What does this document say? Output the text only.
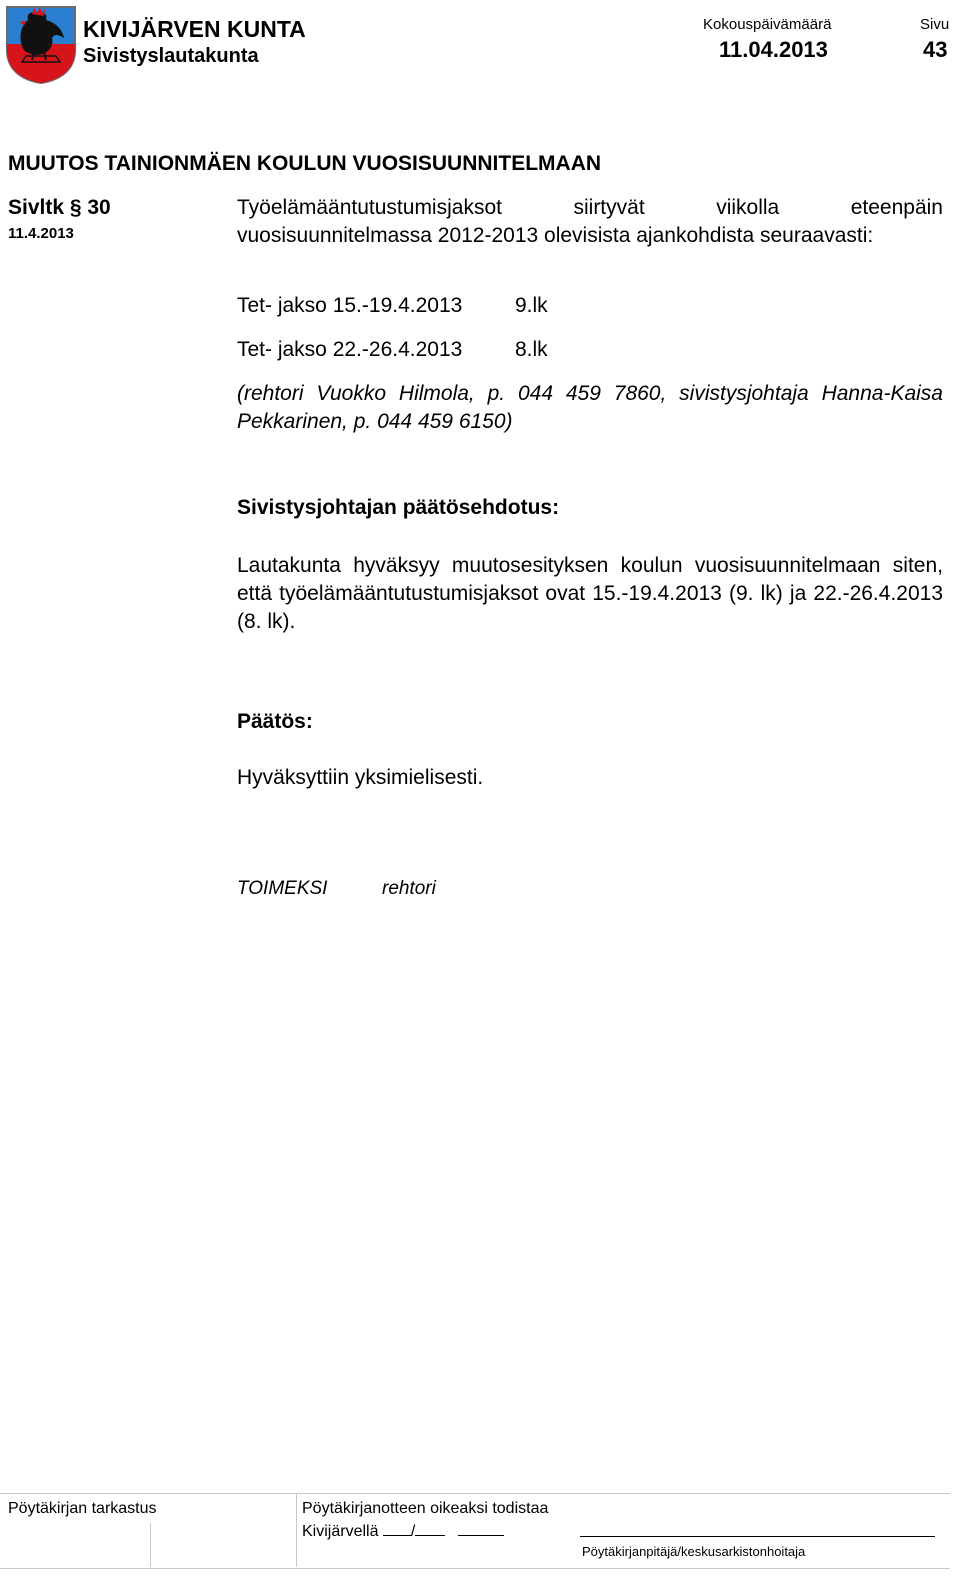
KIVIJÄRVEN KUNTA
Sivistyslautakunta
Kokouspäivämäärä
11.04.2013
Sivu
43
MUUTOS TAINIONMÄEN KOULUN VUOSISUUNNITELMAAN
Sivltk § 30
11.4.2013
Työelämääntutustumisjaksot siirtyvät viikolla eteenpäin vuosisuunnitelmassa 2012-2013 olevisista ajankohdista seuraavasti:
Tet- jakso 15.-19.4.2013	9.lk
Tet- jakso 22.-26.4.2013	8.lk
(rehtori Vuokko Hilmola, p. 044 459 7860, sivistysjohtaja Hanna-Kaisa Pekkarinen, p. 044 459 6150)
Sivistysjohtajan päätösehdotus:
Lautakunta hyväksyy muutosesityksen koulun vuosisuunnitelmaan siten, että työelämääntutustumisjaksot ovat 15.-19.4.2013 (9. lk) ja 22.-26.4.2013 (8. lk).
Päätös:
Hyväksyttiin yksimielisesti.
TOIMEKSI	rehtori
Pöytäkirjan tarkastus	Pöytäkirjanotteen oikeaksi todistaa
Kivijärvellä /
Pöytäkirjanpitäjä/keskusarkistonhoitaja
